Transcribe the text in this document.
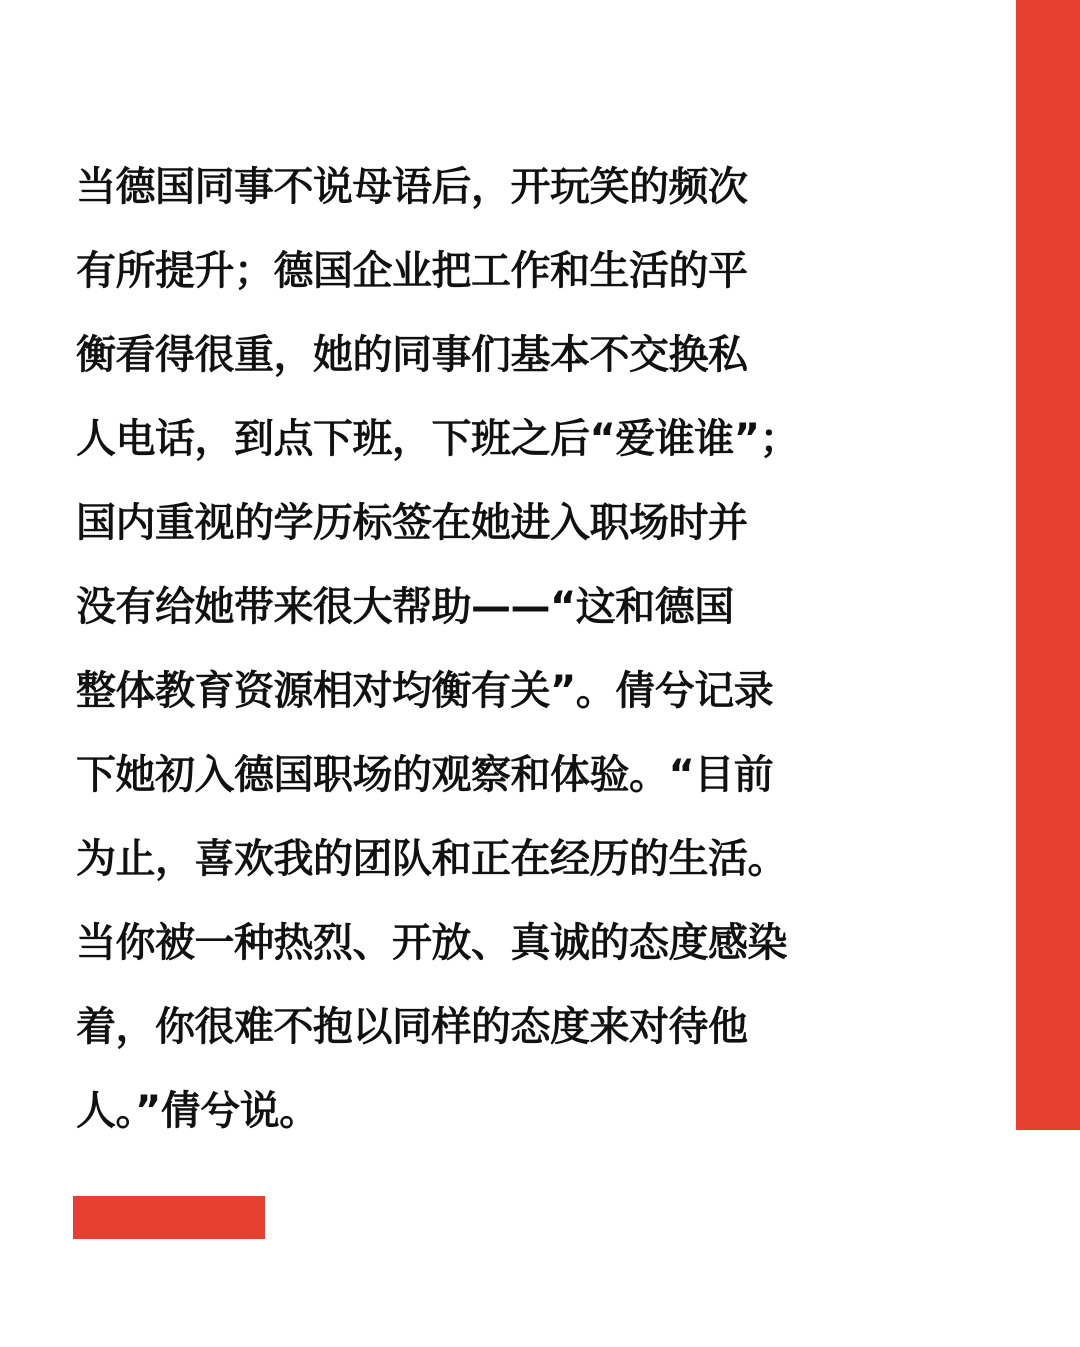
当德国同事不说母语后，开玩笑的频次
有所提升；德国企业把工作和生活的平
衡看得很重，她的同事们基本不交换私
人电话，到点下班，下班之后“爱谁谁”；
国内重视的学历标签在她进入职场时并
没有给她带来很大帮助——“这和德国
整体教育资源相对均衡有关”。倩兮记录
下她初入德国职场的观察和体验。“目前
为止，喜欢我的团队和正在经历的生活。
当你被一种热烈、开放、真诚的态度感染
着，你很难不抱以同样的态度来对待他
人。”倩兮说。
